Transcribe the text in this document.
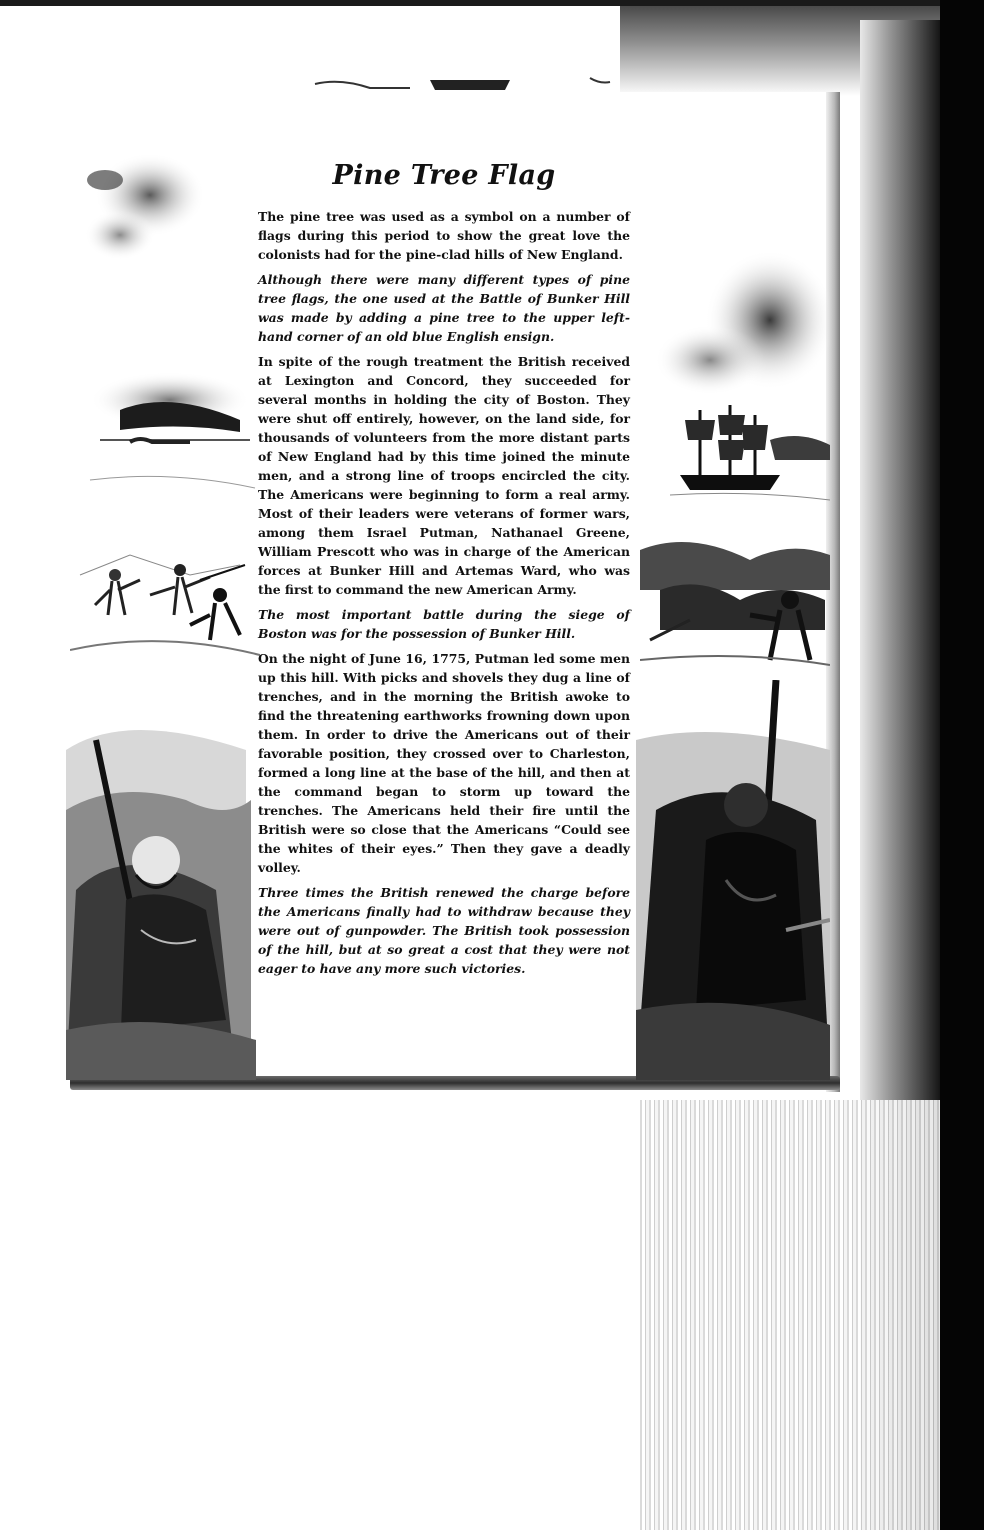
Pine Tree Flag

The pine tree was used as a symbol on a number of flags during this period to show the great love the colonists had for the pine-clad hills of New England.

Although there were many different types of pine tree flags, the one used at the Battle of Bunker Hill was made by adding a pine tree to the upper left-hand corner of an old blue English ensign.

In spite of the rough treatment the British received at Lexington and Concord, they succeeded for several months in holding the city of Boston. They were shut off entirely, however, on the land side, for thousands of volunteers from the more distant parts of New England had by this time joined the minute men, and a strong line of troops encircled the city. The Americans were beginning to form a real army. Most of their leaders were veterans of former wars, among them Israel Putman, Nathanael Greene, William Prescott who was in charge of the American forces at Bunker Hill and Artemas Ward, who was the first to command the new American Army.

The most important battle during the siege of Boston was for the possession of Bunker Hill.

On the night of June 16, 1775, Putman led some men up this hill. With picks and shovels they dug a line of trenches, and in the morning the British awoke to find the threatening earthworks frowning down upon them. In order to drive the Americans out of their favorable position, they crossed over to Charleston, formed a long line at the base of the hill, and then at the command began to storm up toward the trenches. The Americans held their fire until the British were so close that the Americans “Could see the whites of their eyes.” Then they gave a deadly volley.

Three times the British renewed the charge before the Americans finally had to withdraw because they were out of gunpowder. The British took possession of the hill, but at so great a cost that they were not eager to have any more such victories.
